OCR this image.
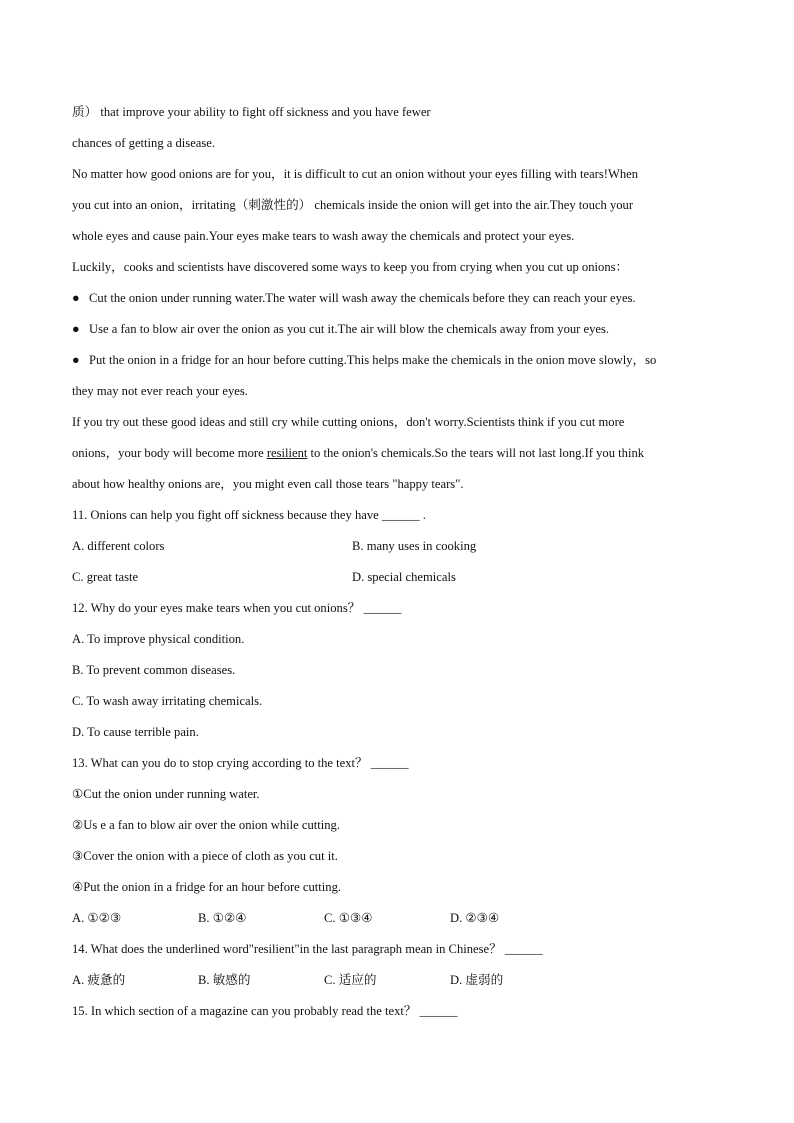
质） that improve your ability to fight off sickness and you have fewer
chances of getting a disease.
No matter how good onions are for you，it is difficult to cut an onion without your eyes filling with tears!When
you cut into an onion，irritating（刺激性的） chemicals inside the onion will get into the air.They touch your
whole eyes and cause pain.Your eyes make tears to wash away the chemicals and protect your eyes.
Luckily，cooks and scientists have discovered some ways to keep you from crying when you cut up onions：
● Cut the onion under running water.The water will wash away the chemicals before they can reach your eyes.
● Use a fan to blow air over the onion as you cut it.The air will blow the chemicals away from your eyes.
● Put the onion in a fridge for an hour before cutting.This helps make the chemicals in the onion move slowly，so
they may not ever reach your eyes.
If you try out these good ideas and still cry while cutting onions，don't worry.Scientists think if you cut more
onions，your body will become more resilient to the onion's chemicals.So the tears will not last long.If you think
about how healthy onions are，you might even call those tears "happy tears".
11. Onions can help you fight off sickness because they have ______ .
A. different colors	B. many uses in cooking
C. great taste	D. special chemicals
12. Why do your eyes make tears when you cut onions？ ______
A. To improve physical condition.
B. To prevent common diseases.
C. To wash away irritating chemicals.
D. To cause terrible pain.
13. What can you do to stop crying according to the text？ ______
①Cut the onion under running water.
②Us e a fan to blow air over the onion while cutting.
③Cover the onion with a piece of cloth as you cut it.
④Put the onion in a fridge for an hour before cutting.
A. ①②③	B. ①②④	C. ①③④	D. ②③④
14. What does the underlined word"resilient"in the last paragraph mean in Chinese？ ______
A. 疲惫的	B. 敏感的	C. 适应的	D. 虚弱的
15. In which section of a magazine can you probably read the text？ ______
